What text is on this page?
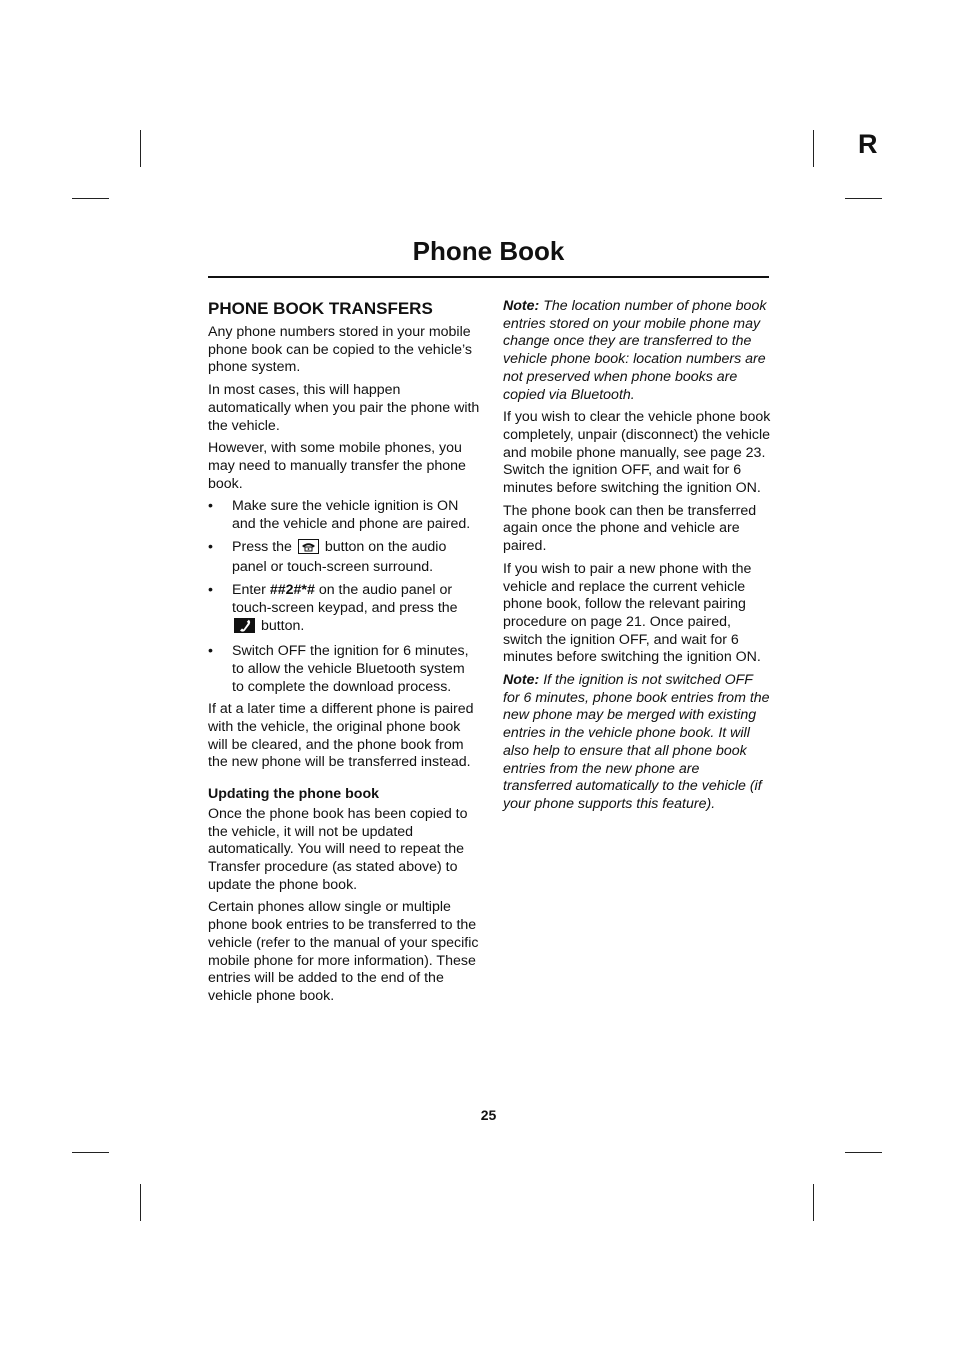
R
Phone Book
PHONE BOOK TRANSFERS

Any phone numbers stored in your mobile phone book can be copied to the vehicle’s phone system.

In most cases, this will happen automatically when you pair the phone with the vehicle.

However, with some mobile phones, you may need to manually transfer the phone book.

• Make sure the vehicle ignition is ON and the vehicle and phone are paired.
• Press the button on the audio panel or touch-screen surround.
• Enter ##2#*# on the audio panel or touch-screen keypad, and press the  button.
• Switch OFF the ignition for 6 minutes, to allow the vehicle Bluetooth system to complete the download process.

If at a later time a different phone is paired with the vehicle, the original phone book will be cleared, and the phone book from the new phone will be transferred instead.

Updating the phone book

Once the phone book has been copied to the vehicle, it will not be updated automatically. You will need to repeat the Transfer procedure (as stated above) to update the phone book.

Certain phones allow single or multiple phone book entries to be transferred to the vehicle (refer to the manual of your specific mobile phone for more information). These entries will be added to the end of the vehicle phone book.

Note: The location number of phone book entries stored on your mobile phone may change once they are transferred to the vehicle phone book: location numbers are not preserved when phone books are copied via Bluetooth.

If you wish to clear the vehicle phone book completely, unpair (disconnect) the vehicle and mobile phone manually, see page 23. Switch the ignition OFF, and wait for 6 minutes before switching the ignition ON.

The phone book can then be transferred again once the phone and vehicle are paired.

If you wish to pair a new phone with the vehicle and replace the current vehicle phone book, follow the relevant pairing procedure on page 21. Once paired, switch the ignition OFF, and wait for 6 minutes before switching the ignition ON.

Note: If the ignition is not switched OFF for 6 minutes, phone book entries from the new phone may be merged with existing entries in the vehicle phone book. It will also help to ensure that all phone book entries from the new phone are transferred automatically to the vehicle (if your phone supports this feature).

25
